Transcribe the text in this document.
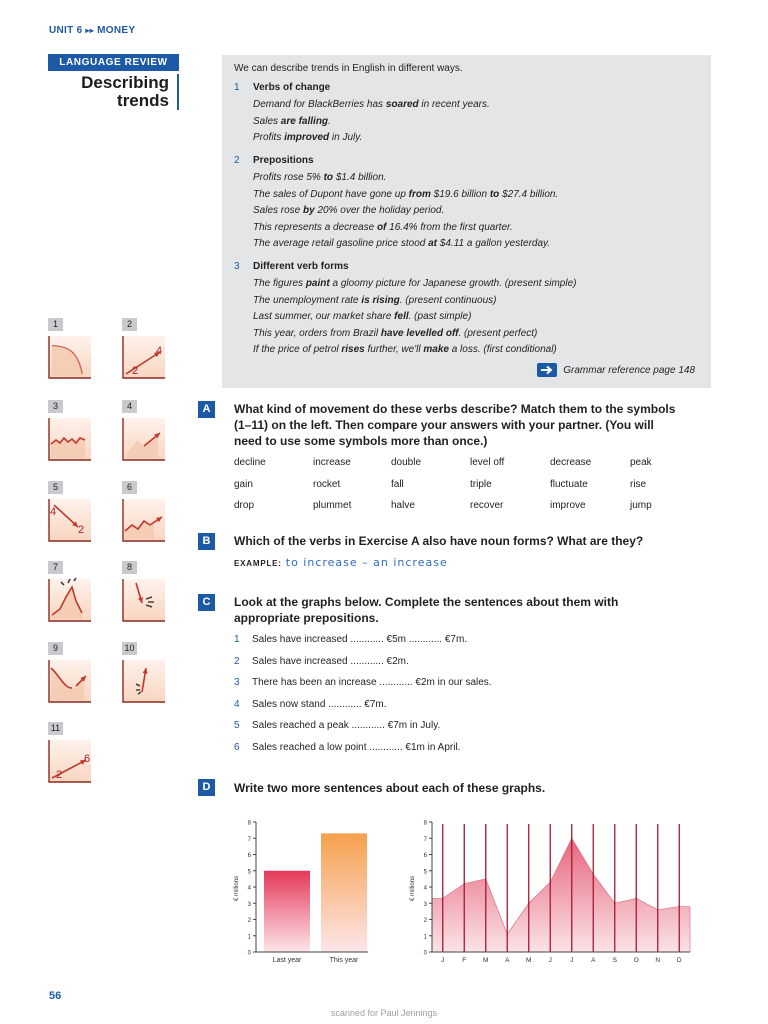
UNIT 6 ▸▸ MONEY
LANGUAGE REVIEW
Describing
trends
We can describe trends in English in different ways.
1 Verbs of change
Demand for BlackBerries has soared in recent years.
Sales are falling.
Profits improved in July.
2 Prepositions
Profits rose 5% to $1.4 billion.
The sales of Dupont have gone up from $19.6 billion to $27.4 billion.
Sales rose by 20% over the holiday period.
This represents a decrease of 16.4% from the first quarter.
The average retail gasoline price stood at $4.11 a gallon yesterday.
3 Different verb forms
The figures paint a gloomy picture for Japanese growth. (present simple)
The unemployment rate is rising. (present continuous)
Last summer, our market share fell. (past simple)
This year, orders from Brazil have levelled off. (present perfect)
If the price of petrol rises further, we'll make a loss. (first conditional)
Grammar reference page 148
1	2
2
4
3	4
5
4
2
6
7	8
9	10
11
2
6
A	What kind of movement do these verbs describe? Match them to the symbols (1–11) on the left. Then compare your answers with your partner. (You will need to use some symbols more than once.)
decline	increase	double	level off	decrease	peak
gain	rocket	fall	triple	fluctuate	rise
drop	plummet	halve	recover	improve	jump
B	Which of the verbs in Exercise A also have noun forms? What are they?
EXAMPLE: to increase – an increase
C	Look at the graphs below. Complete the sentences about them with appropriate prepositions.
1 Sales have increased ............ €5m ............ €7m.
2 Sales have increased ............ €2m.
3 There has been an increase ............ €2m in our sales.
4 Sales now stand ............ €7m.
5 Sales reached a peak ............ €7m in July.
6 Sales reached a low point ............ €1m in April.
D	Write two more sentences about each of these graphs.
Last year	This year
0
1
2
3
4
5
6
7
8
€ millions
J	F	M	A	M	J	J	A	S	O	N	D
0
1
2
3
4
5
6
7
8
€ millions
56
scanned for Paul Jennings
